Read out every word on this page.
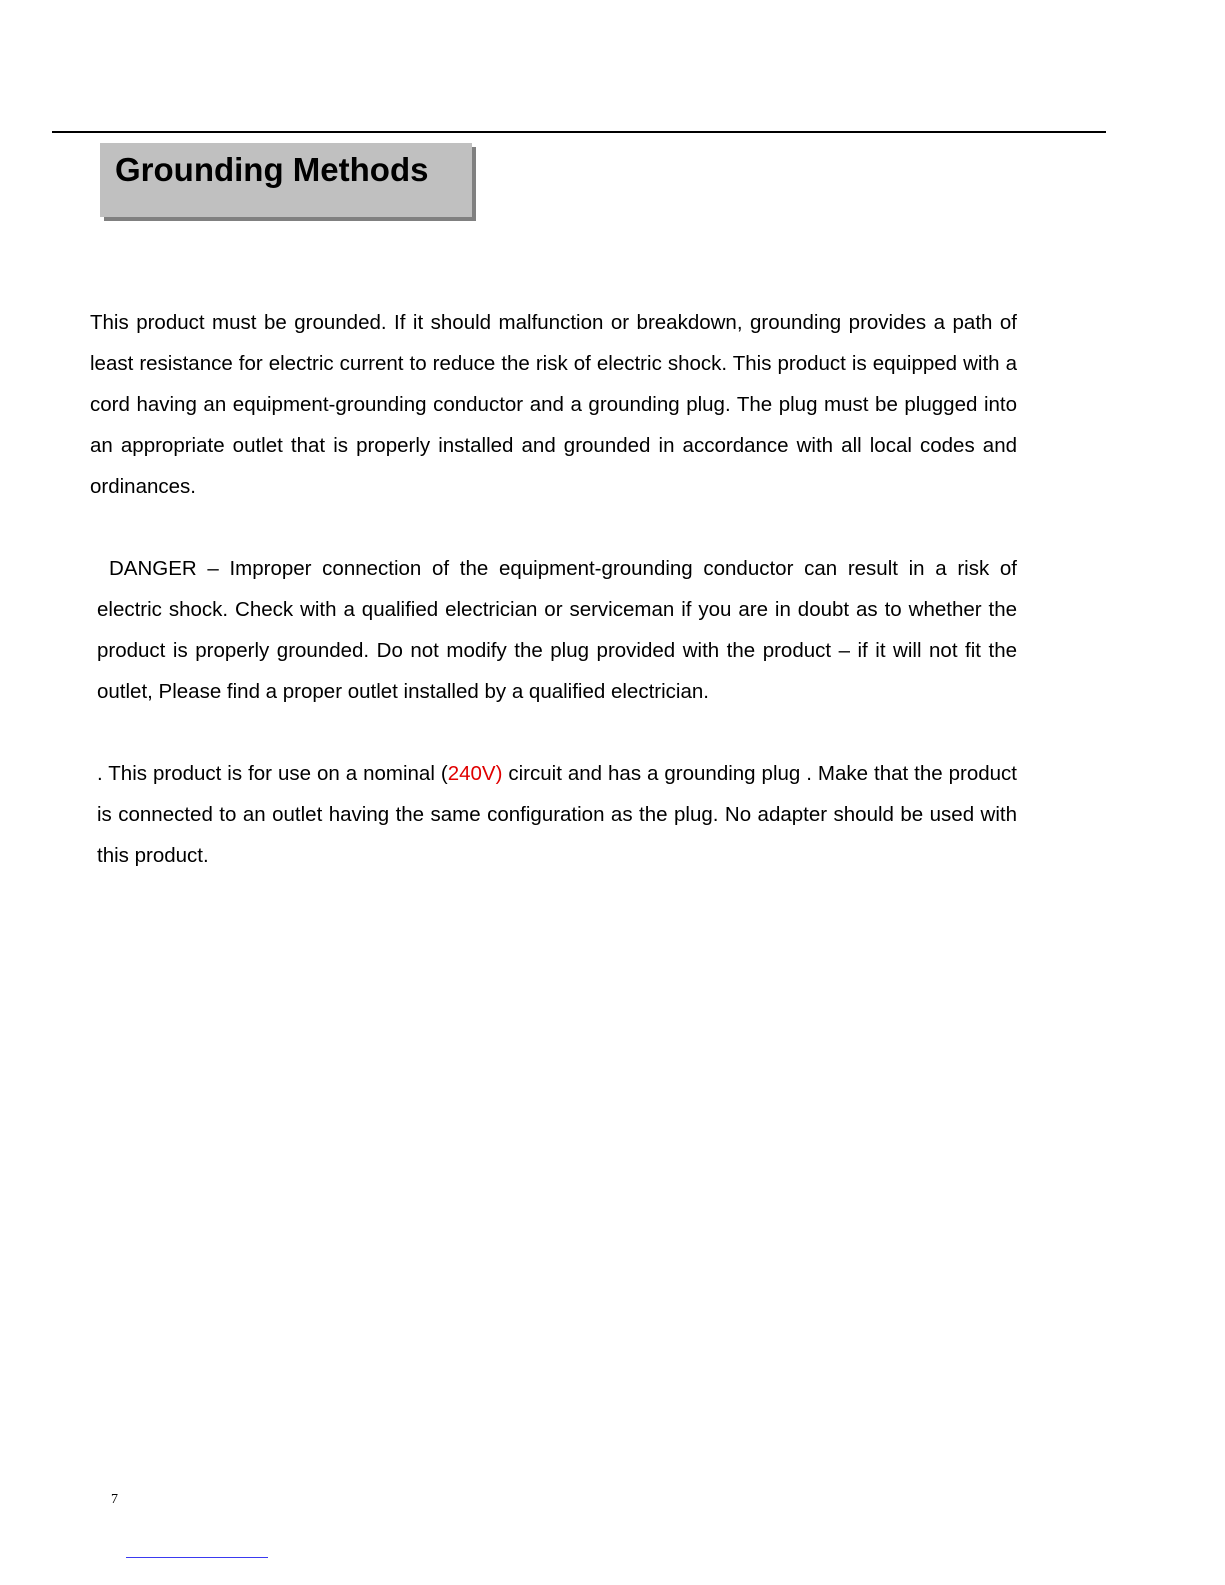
Grounding Methods

This product must be grounded. If it should malfunction or breakdown, grounding provides a path of least resistance for electric current to reduce the risk of electric shock. This product is equipped with a cord having an equipment-grounding conductor and a grounding plug. The plug must be plugged into an appropriate outlet that is properly installed and grounded in accordance with all local codes and ordinances.

DANGER – Improper connection of the equipment-grounding conductor can result in a risk of electric shock. Check with a qualified electrician or serviceman if you are in doubt as to whether the product is properly grounded. Do not modify the plug provided with the product – if it will not fit the outlet, Please find a proper outlet installed by a qualified electrician.

. This product is for use on a nominal (240V) circuit and has a grounding plug . Make that the product is connected to an outlet having the same configuration as the plug. No adapter should be used with this product.

7
